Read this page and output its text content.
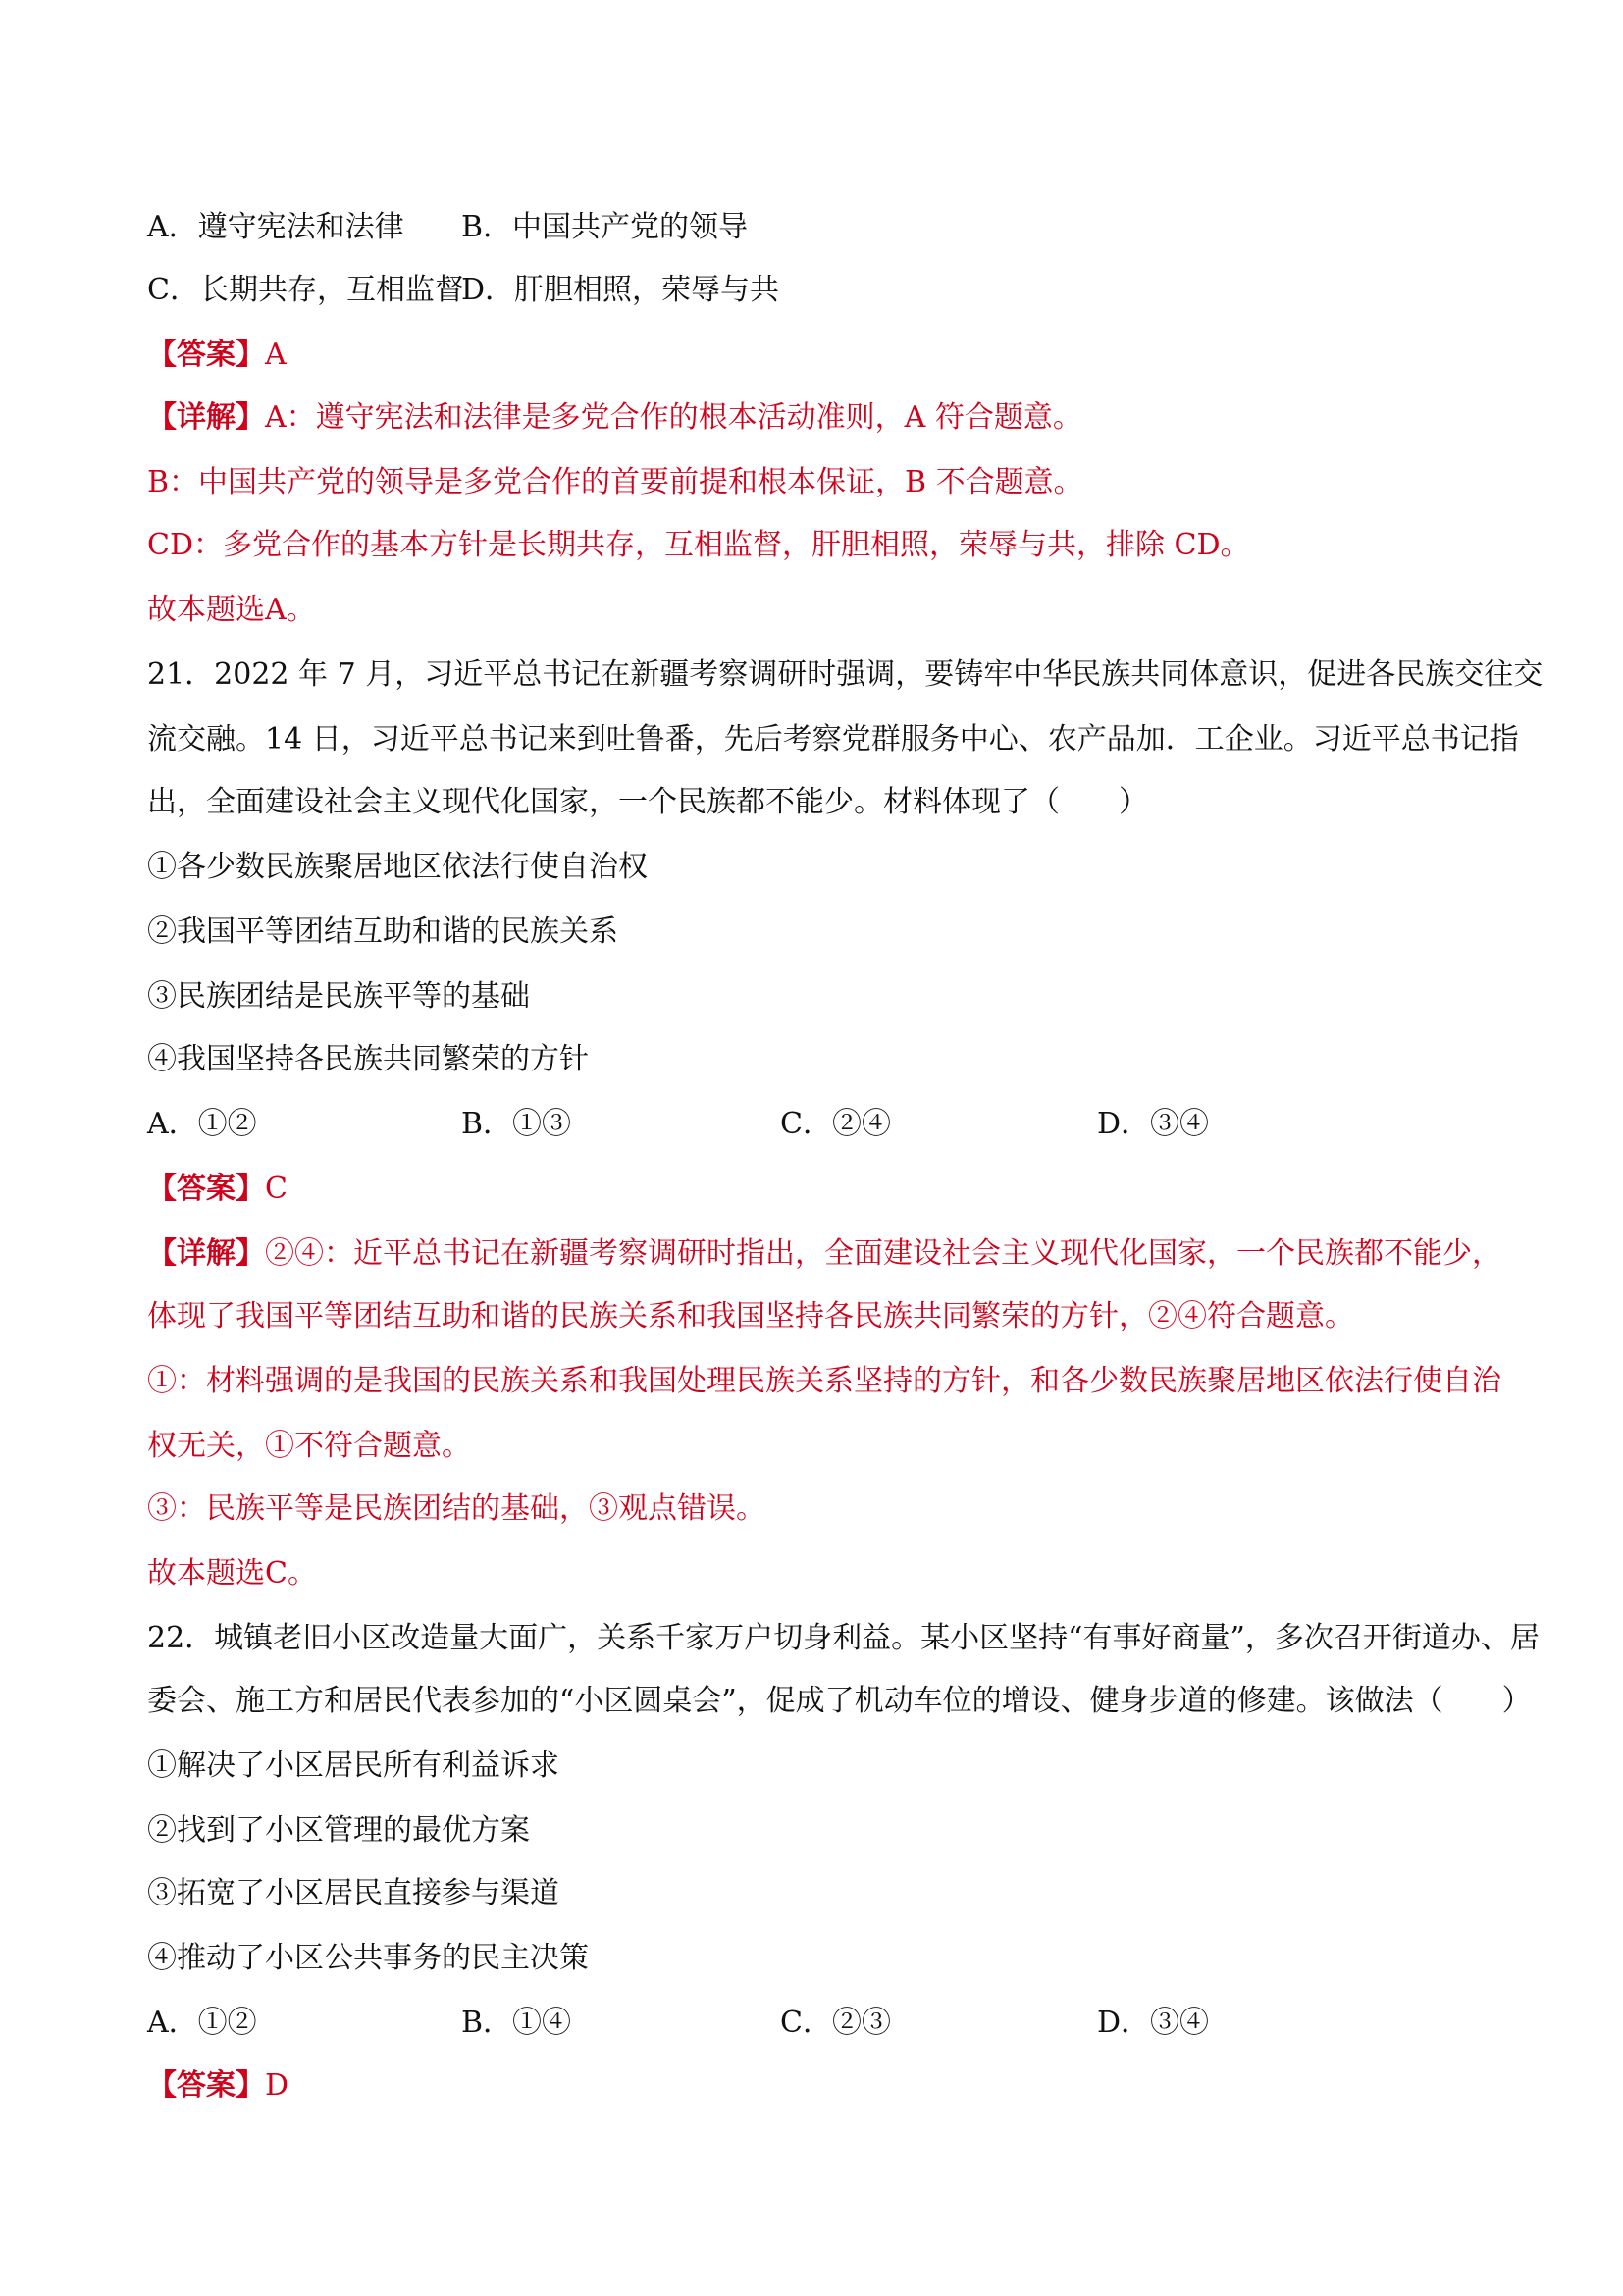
A．遵守宪法和法律 B．中国共产党的领导
C．长期共存，互相监督
D．肝胆相照，荣辱与共
【答案】A
【详解】A：遵守宪法和法律是多党合作的根本活动准则，A 符合题意。
B：中国共产党的领导是多党合作的首要前提和根本保证，B 不合题意。
CD：多党合作的基本方针是长期共存，互相监督，肝胆相照，荣辱与共，排除 CD。
故本题选A。
21．2022 年 7 月，习近平总书记在新疆考察调研时强调，要铸牢中华民族共同体意识，促进各民族交往交
流交融。14 日，习近平总书记来到吐鲁番，先后考察党群服务中心、农产品加．工企业。习近平总书记指
出，全面建设社会主义现代化国家，一个民族都不能少。材料体现了（　　）
①各少数民族聚居地区依法行使自治权
②我国平等团结互助和谐的民族关系
③民族团结是民族平等的基础
④我国坚持各民族共同繁荣的方针
A．①②	B．①③	C．②④	D．③④
【答案】C
【详解】②④：近平总书记在新疆考察调研时指出，全面建设社会主义现代化国家，一个民族都不能少，
体现了我国平等团结互助和谐的民族关系和我国坚持各民族共同繁荣的方针，②④符合题意。
①：材料强调的是我国的民族关系和我国处理民族关系坚持的方针，和各少数民族聚居地区依法行使自治
权无关，①不符合题意。
③：民族平等是民族团结的基础，③观点错误。
故本题选C。
22．城镇老旧小区改造量大面广，关系千家万户切身利益。某小区坚持“有事好商量”，多次召开街道办、居
委会、施工方和居民代表参加的“小区圆桌会”，促成了机动车位的增设、健身步道的修建。该做法（　　）
①解决了小区居民所有利益诉求
②找到了小区管理的最优方案
③拓宽了小区居民直接参与渠道
④推动了小区公共事务的民主决策
A．①②	B．①④	C．②③	D．③④
【答案】D
